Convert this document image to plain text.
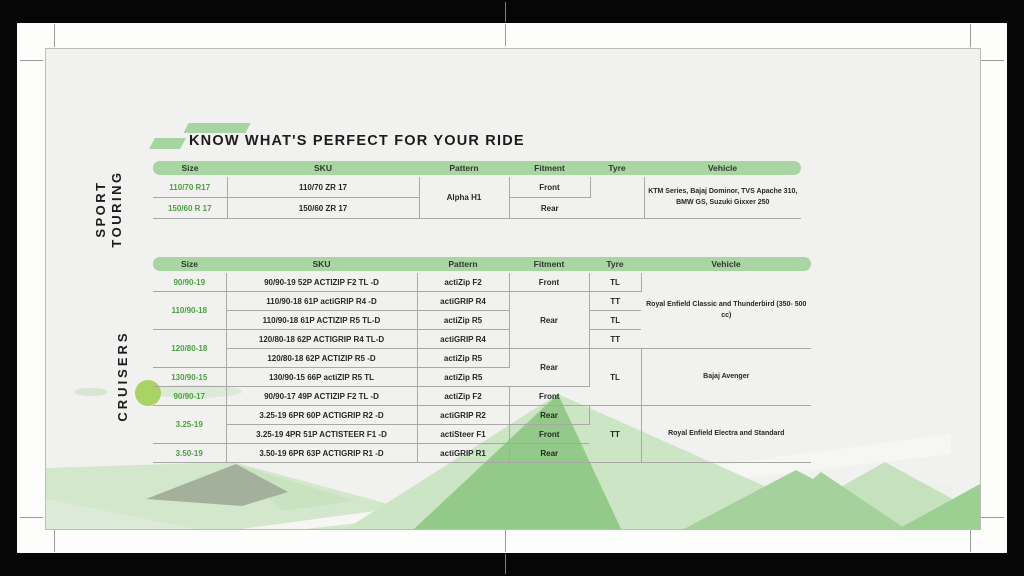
KNOW WHAT'S PERFECT FOR YOUR RIDE
SPORT TOURING
Size	SKU	Pattern	Fitment	Tyre	Vehicle
110/70 R17	110/70 ZR 17	Alpha H1	Front		KTM Series, Bajaj Dominor, TVS Apache 310, BMW GS, Suzuki Gixxer 250
150/60 R 17	150/60 ZR 17		Rear		
CRUISERS
Size	SKU	Pattern	Fitment	Tyre	Vehicle
90/90-19	90/90-19 52P ACTIZIP F2 TL -D	actiZip F2	Front	TL	Royal Enfield Classic and Thunderbird (350- 500 cc)
110/90-18	110/90-18 61P actiGRIP R4 -D	actiGRIP R4	Rear	TT	
	110/90-18 61P ACTIZIP R5 TL-D	actiZip R5		TL	
120/80-18	120/80-18 62P ACTIGRIP R4 TL-D	actiGRIP R4		TT	
	120/80-18 62P ACTIZIP R5 -D	actiZip R5	Rear	TL	Bajaj Avenger
130/90-15	130/90-15 66P actiZIP R5 TL	actiZip R5			
90/90-17	90/90-17 49P ACTIZIP F2 TL -D	actiZip F2	Front		
3.25-19	3.25-19 6PR 60P ACTIGRIP R2 -D	actiGRIP R2	Rear	TT	Royal Enfield Electra and Standard
	3.25-19 4PR 51P ACTISTEER F1 -D	actiSteer F1	Front		
3.50-19	3.50-19 6PR 63P ACTIGRIP R1 -D	actiGRIP R1	Rear		
